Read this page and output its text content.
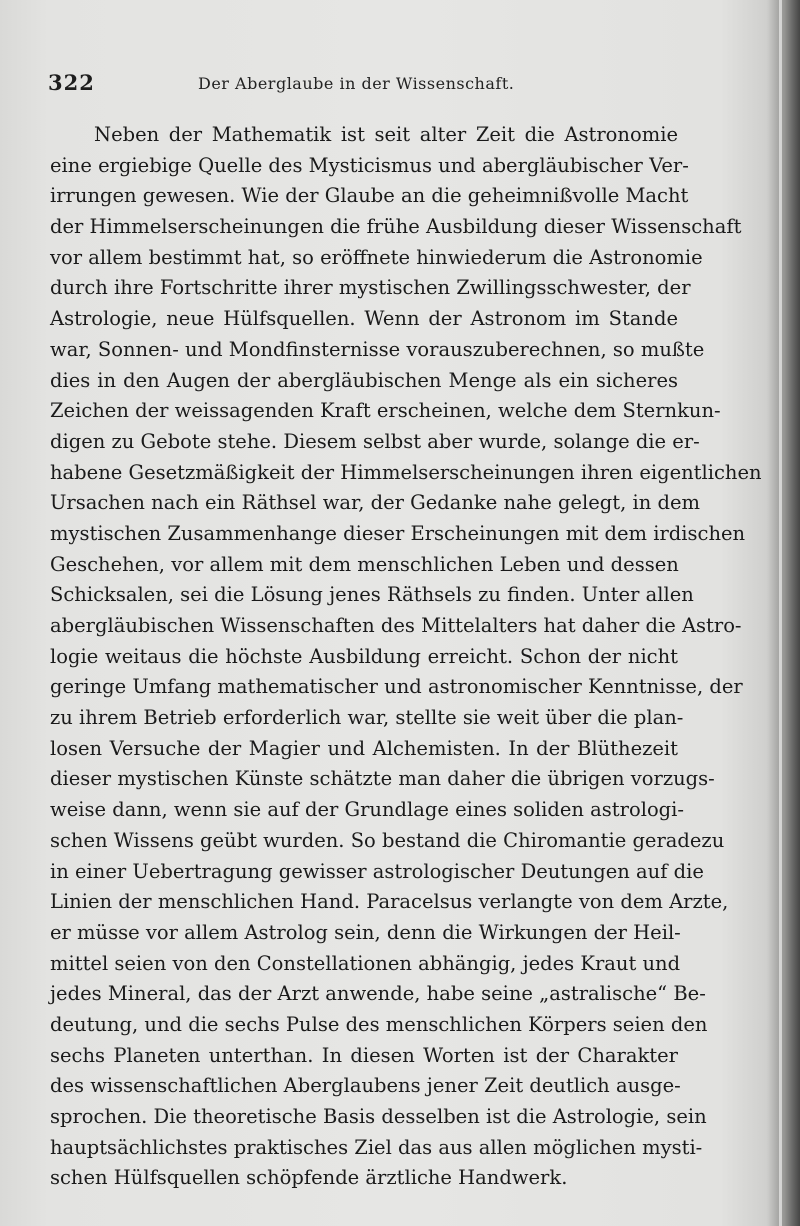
322	Der Aberglaube in der Wissenschaft.
Neben der Mathematik ist seit alter Zeit die Astronomie
eine ergiebige Quelle des Mysticismus und abergläubischer Ver-
irrungen gewesen. Wie der Glaube an die geheimnißvolle Macht
der Himmelserscheinungen die frühe Ausbildung dieser Wissenschaft
vor allem bestimmt hat, so eröffnete hinwiederum die Astronomie
durch ihre Fortschritte ihrer mystischen Zwillingsschwester, der
Astrologie, neue Hülfsquellen. Wenn der Astronom im Stande
war, Sonnen- und Mondfinsternisse vorauszuberechnen, so mußte
dies in den Augen der abergläubischen Menge als ein sicheres
Zeichen der weissagenden Kraft erscheinen, welche dem Sternkun-
digen zu Gebote stehe. Diesem selbst aber wurde, solange die er-
habene Gesetzmäßigkeit der Himmelserscheinungen ihren eigentlichen
Ursachen nach ein Räthsel war, der Gedanke nahe gelegt, in dem
mystischen Zusammenhange dieser Erscheinungen mit dem irdischen
Geschehen, vor allem mit dem menschlichen Leben und dessen
Schicksalen, sei die Lösung jenes Räthsels zu finden. Unter allen
abergläubischen Wissenschaften des Mittelalters hat daher die Astro-
logie weitaus die höchste Ausbildung erreicht. Schon der nicht
geringe Umfang mathematischer und astronomischer Kenntnisse, der
zu ihrem Betrieb erforderlich war, stellte sie weit über die plan-
losen Versuche der Magier und Alchemisten. In der Blüthezeit
dieser mystischen Künste schätzte man daher die übrigen vorzugs-
weise dann, wenn sie auf der Grundlage eines soliden astrologi-
schen Wissens geübt wurden. So bestand die Chiromantie geradezu
in einer Uebertragung gewisser astrologischer Deutungen auf die
Linien der menschlichen Hand. Paracelsus verlangte von dem Arzte,
er müsse vor allem Astrolog sein, denn die Wirkungen der Heil-
mittel seien von den Constellationen abhängig, jedes Kraut und
jedes Mineral, das der Arzt anwende, habe seine „astralische“ Be-
deutung, und die sechs Pulse des menschlichen Körpers seien den
sechs Planeten unterthan. In diesen Worten ist der Charakter
des wissenschaftlichen Aberglaubens jener Zeit deutlich ausge-
sprochen. Die theoretische Basis desselben ist die Astrologie, sein
hauptsächlichstes praktisches Ziel das aus allen möglichen mysti-
schen Hülfsquellen schöpfende ärztliche Handwerk.
